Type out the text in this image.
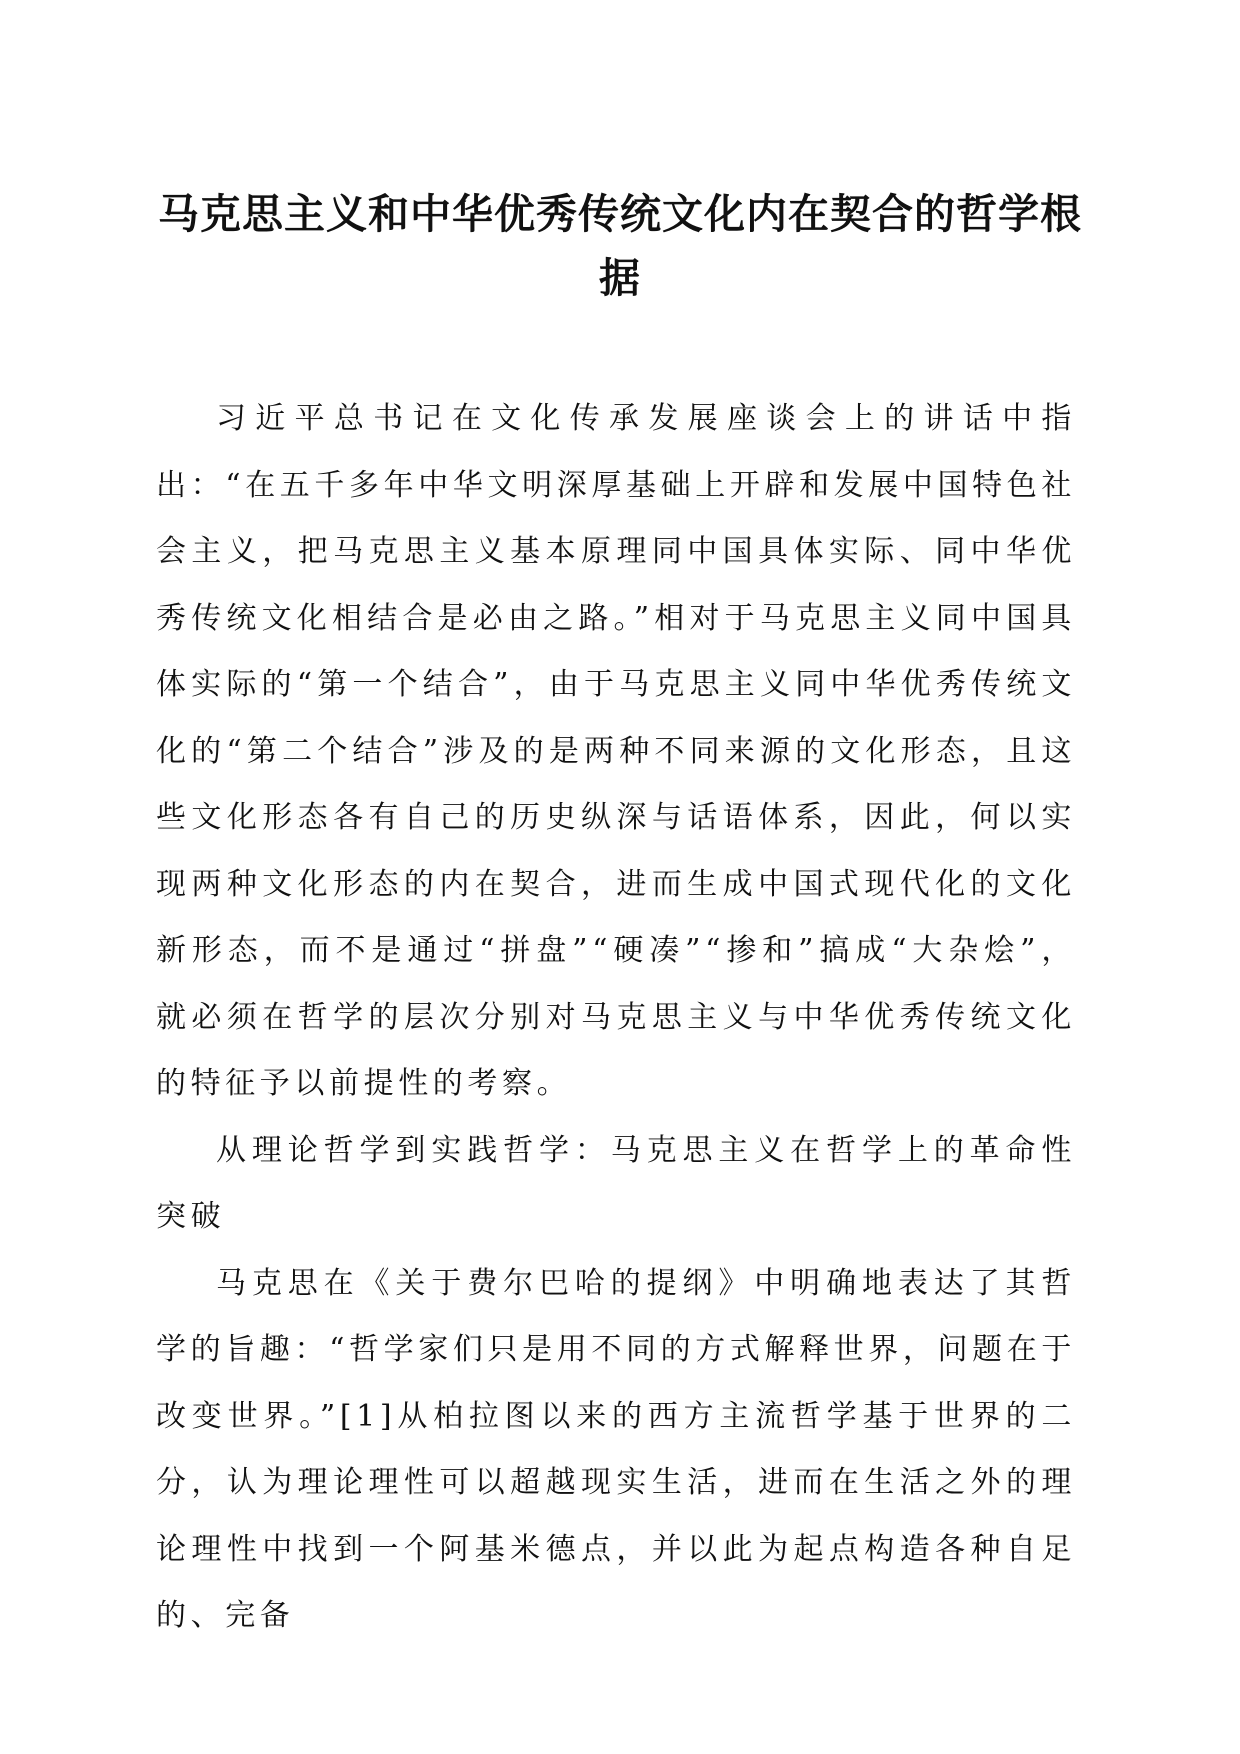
马克思主义和中华优秀传统文化内在契合的哲学根据

习近平总书记在文化传承发展座谈会上的讲话中指出：“在五千多年中华文明深厚基础上开辟和发展中国特色社会主义，把马克思主义基本原理同中国具体实际、同中华优秀传统文化相结合是必由之路。”相对于马克思主义同中国具体实际的“第一个结合”，由于马克思主义同中华优秀传统文化的“第二个结合”涉及的是两种不同来源的文化形态，且这些文化形态各有自己的历史纵深与话语体系，因此，何以实现两种文化形态的内在契合，进而生成中国式现代化的文化新形态，而不是通过“拼盘”“硬凑”“掺和”搞成“大杂烩”，就必须在哲学的层次分别对马克思主义与中华优秀传统文化的特征予以前提性的考察。

从理论哲学到实践哲学：马克思主义在哲学上的革命性突破

马克思在《关于费尔巴哈的提纲》中明确地表达了其哲学的旨趣：“哲学家们只是用不同的方式解释世界，问题在于改变世界。”[1]从柏拉图以来的西方主流哲学基于世界的二分，认为理论理性可以超越现实生活，进而在生活之外的理论理性中找到一个阿基米德点，并以此为起点构造各种自足的、完备
